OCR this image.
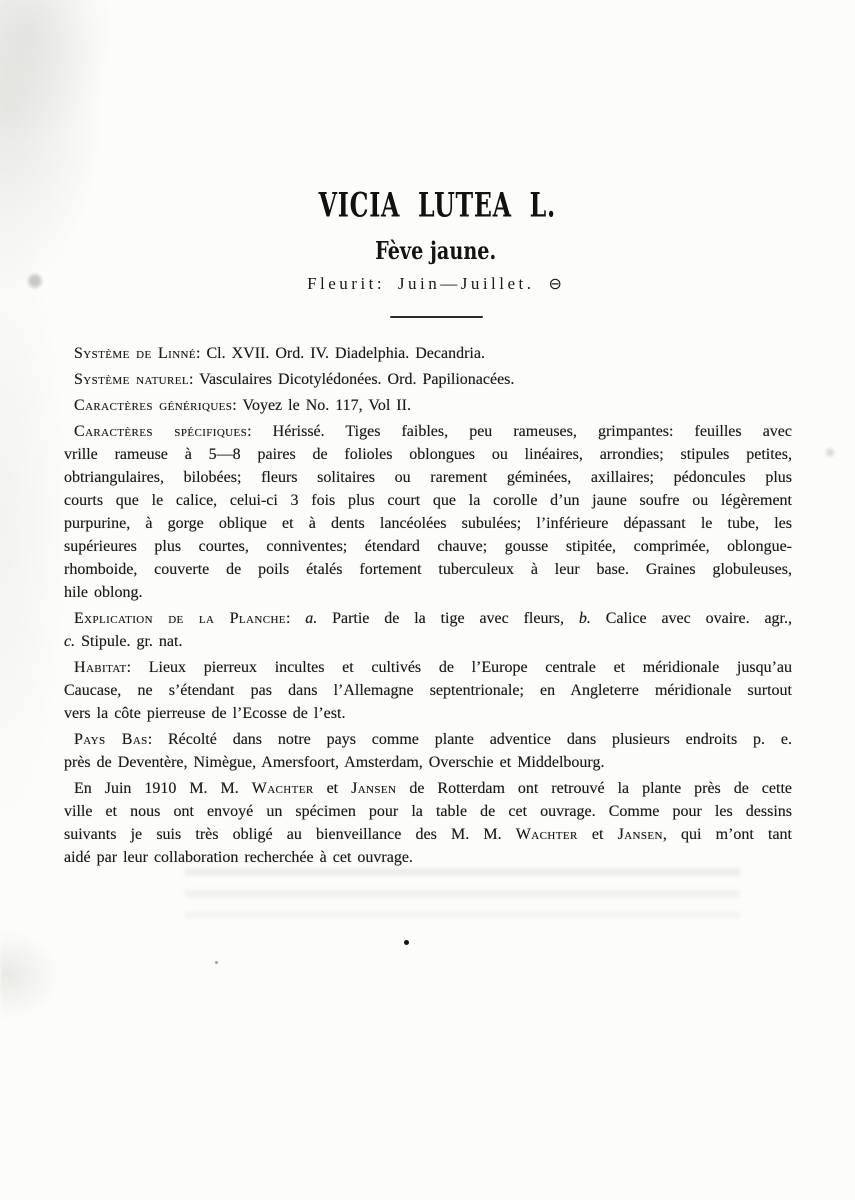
VICIA LUTEA L.
Fève jaune.
Fleurit: Juin—Juillet. ⊖
Système de Linné: Cl. XVII. Ord. IV. Diadelphia. Decandria.
Système naturel: Vasculaires Dicotylédonées. Ord. Papilionacées.
Caractères génériques: Voyez le No. 117, Vol II.
Caractères spécifiques: Hérissé. Tiges faibles, peu rameuses, grimpantes: feuilles avec
vrille rameuse à 5—8 paires de folioles oblongues ou linéaires, arrondies; stipules petites,
obtriangulaires, bilobées; fleurs solitaires ou rarement géminées, axillaires; pédoncules plus
courts que le calice, celui-ci 3 fois plus court que la corolle d’un jaune soufre ou légèrement
purpurine, à gorge oblique et à dents lancéolées subulées; l’inférieure dépassant le tube, les
supérieures plus courtes, conniventes; étendard chauve; gousse stipitée, comprimée, oblongue-
rhomboide, couverte de poils étalés fortement tuberculeux à leur base. Graines globuleuses,
hile oblong.
Explication de la Planche: a. Partie de la tige avec fleurs, b. Calice avec ovaire. agr.,
c. Stipule. gr. nat.
Habitat: Lieux pierreux incultes et cultivés de l’Europe centrale et méridionale jusqu’au
Caucase, ne s’étendant pas dans l’Allemagne septentrionale; en Angleterre méridionale surtout
vers la côte pierreuse de l’Ecosse de l’est.
Pays Bas: Récolté dans notre pays comme plante adventice dans plusieurs endroits p. e.
près de Deventère, Nimègue, Amersfoort, Amsterdam, Overschie et Middelbourg.
En Juin 1910 M. M. Wachter et Jansen de Rotterdam ont retrouvé la plante près de cette
ville et nous ont envoyé un spécimen pour la table de cet ouvrage. Comme pour les dessins
suivants je suis très obligé au bienveillance des M. M. Wachter et Jansen, qui m’ont tant
aidé par leur collaboration recherchée à cet ouvrage.
